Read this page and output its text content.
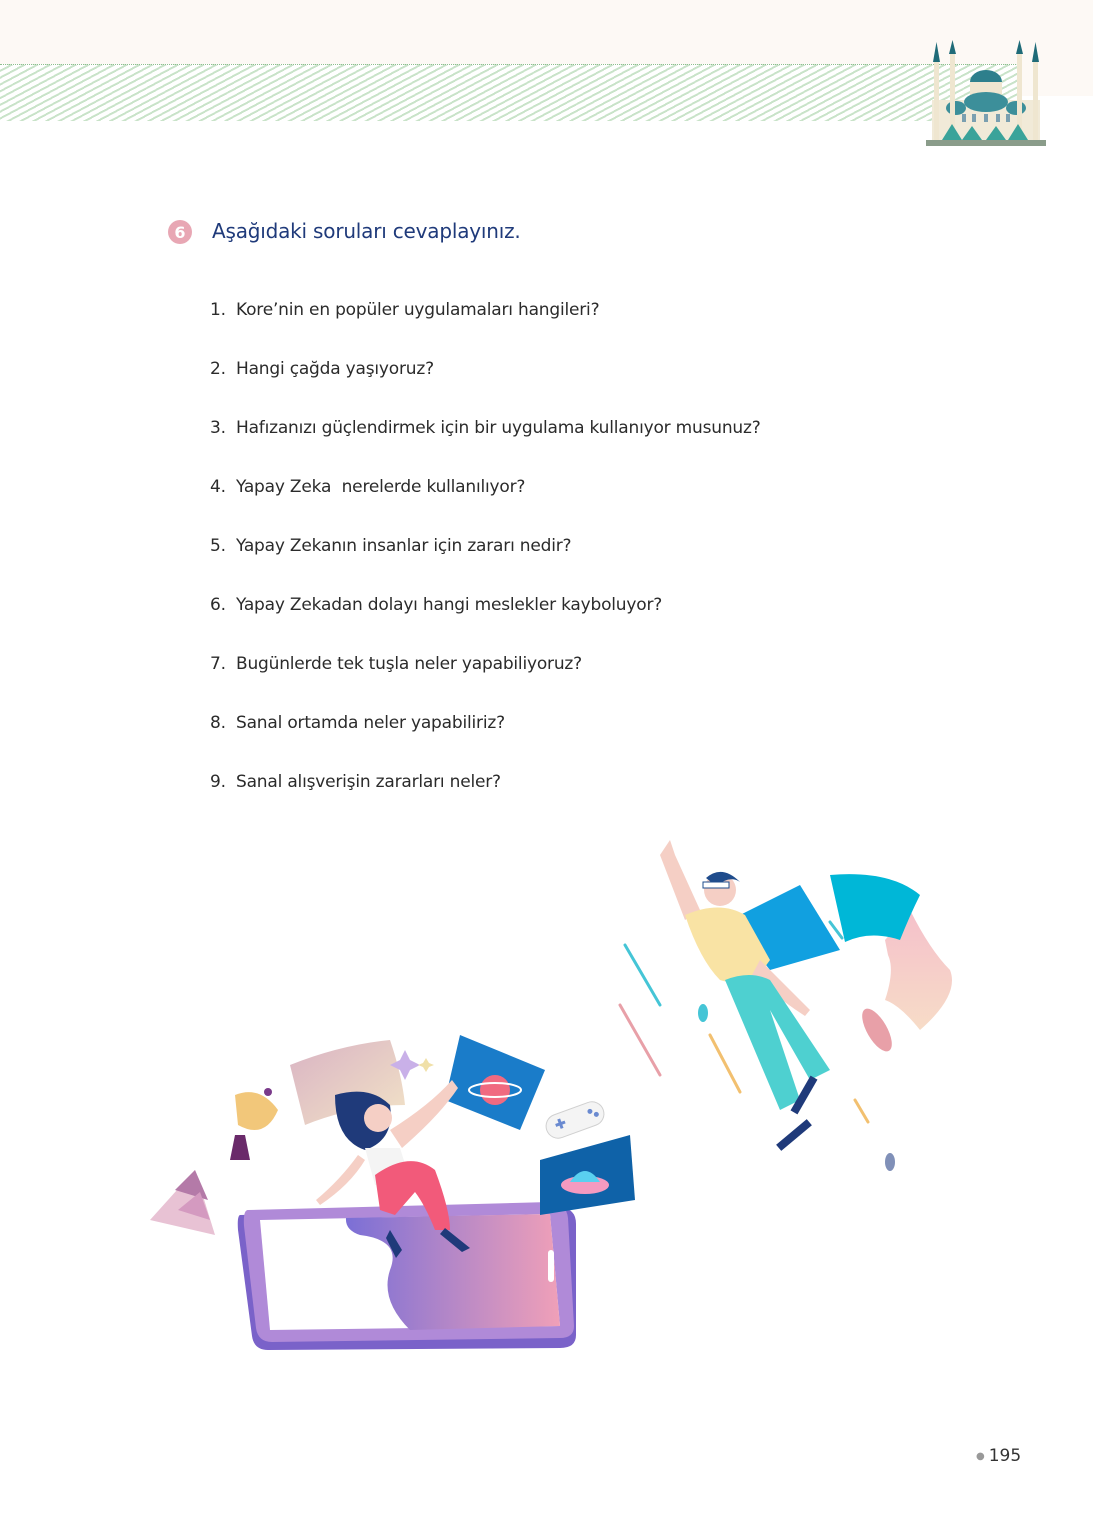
6	Aşağıdaki soruları cevaplayınız.
1. Kore’nin en popüler uygulamaları hangileri?
2. Hangi çağda yaşıyoruz?
3. Hafızanızı güçlendirmek için bir uygulama kullanıyor musunuz?
4. Yapay Zeka  nerelerde kullanılıyor?
5. Yapay Zekanın insanlar için zararı nedir?
6. Yapay Zekadan dolayı hangi meslekler kayboluyor?
7. Bugünlerde tek tuşla neler yapabiliyoruz?
8. Sanal ortamda neler yapabiliriz?
9. Sanal alışverişin zararları neler?
● 195
